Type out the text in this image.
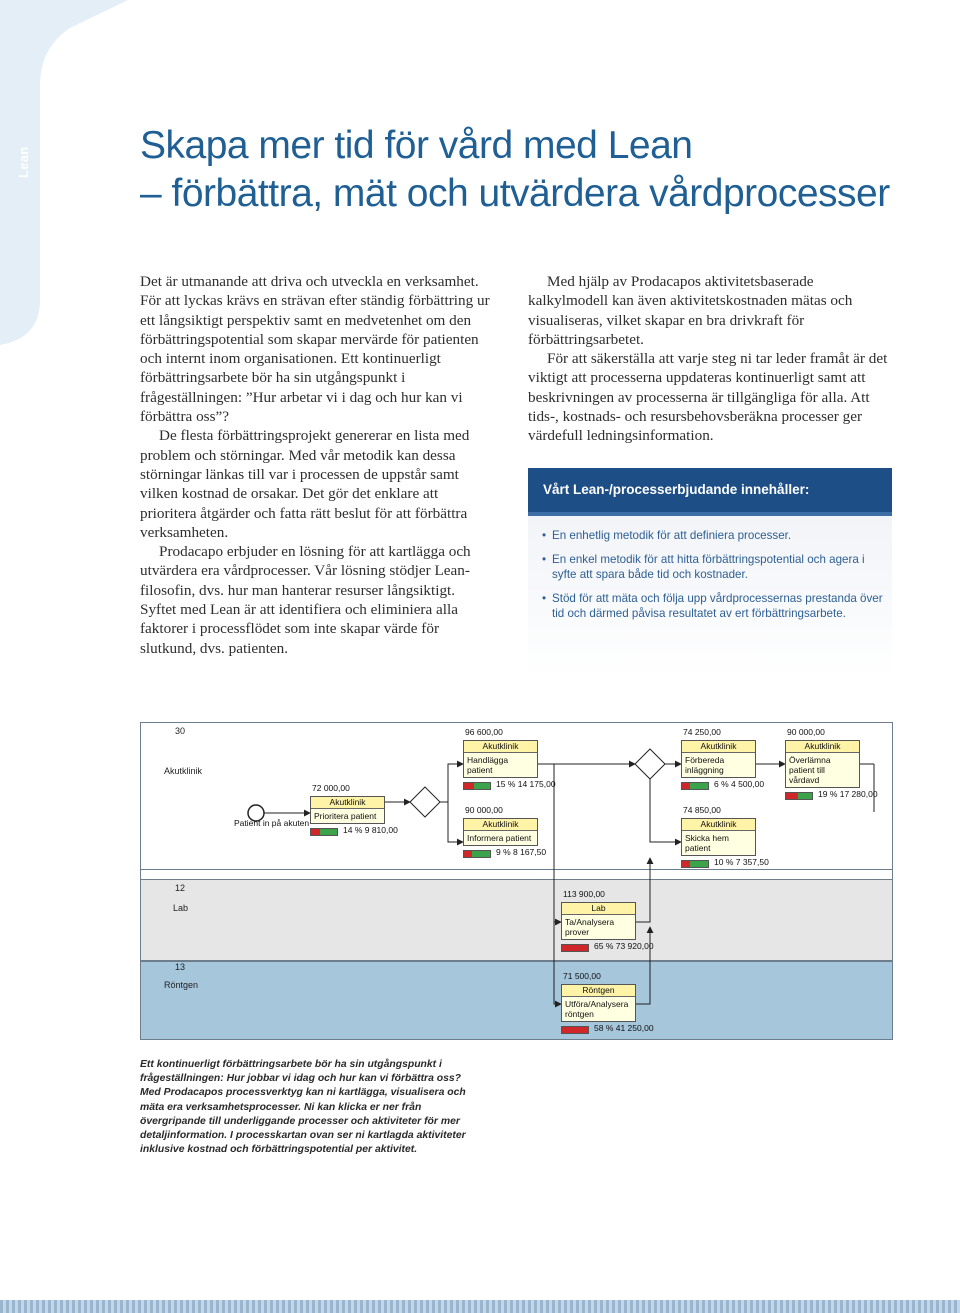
Lean	Skapa mer tid för vård med Lean
– förbättra, mät och utvärdera vårdprocesser

Det är utmanande att driva och utveckla en verksamhet. För att lyckas krävs en strävan efter ständig förbättring ur ett långsiktigt perspektiv samt en medvetenhet om den förbättringspotential som skapar mervärde för patienten och internt inom organisationen. Ett kontinuerligt förbättringsarbete bör ha sin utgångspunkt i frågeställningen: ”Hur arbetar vi i dag och hur kan vi förbättra oss”?

De flesta förbättringsprojekt genererar en lista med problem och störningar. Med vår metodik kan dessa störningar länkas till var i processen de uppstår samt vilken kostnad de orsakar. Det gör det enklare att prioritera åtgärder och fatta rätt beslut för att förbättra verksamheten.

Prodacapo erbjuder en lösning för att kartlägga och utvärdera era vårdprocesser. Vår lösning stödjer Lean-filosofin, dvs. hur man hanterar resurser långsiktigt. Syftet med Lean är att identifiera och eliminiera alla faktorer i processflödet som inte skapar värde för slutkund, dvs. patienten.

Med hjälp av Prodacapos aktivitetsbaserade kalkylmodell kan även aktivitetskostnaden mätas och visualiseras, vilket skapar en bra drivkraft för förbättringsarbetet.

För att säkerställa att varje steg ni tar leder framåt är det viktigt att processerna uppdateras kontinuerligt samt att beskrivningen av processerna är tillgängliga för alla. Att tids-, kostnads- och resursbehovsberäkna processer ger värdefull ledningsinformation.

Vårt Lean-/processerbjudande innehåller:
• En enhetlig metodik för att definiera processer.
• En enkel metodik för att hitta förbättringspotential och agera i syfte att spara både tid och kostnader.
• Stöd för att mäta och följa upp vårdprocessernas prestanda över tid och därmed påvisa resultatet av ert förbättringsarbete.
30
Akutklinik
12
Lab
13
Röntgen
Patient in på akuten
72 000,00
Akutklinik
Prioritera patient
14 % 9 810,00
96 600,00
Akutklinik
Handlägga patient
15 % 14 175,00
90 000,00
Akutklinik
Informera patient
9 % 8 167,50
74 250,00
Akutklinik
Förbereda inläggning
6 % 4 500,00
74 850,00
Akutklinik
Skicka hem patient
10 % 7 357,50
90 000,00
Akutklinik
Överlämna patient till vårdavd
19 % 17 280,00
113 900,00
Lab
Ta/Analysera prover
65 % 73 920,00
71 500,00
Röntgen
Utföra/Analysera röntgen
58 % 41 250,00
Ett kontinuerligt förbättringsarbete bör ha sin utgångspunkt i frågeställningen: Hur jobbar vi idag och hur kan vi förbättra oss? Med Prodacapos processverktyg kan ni kartlägga, visualisera och mäta era verksamhetsprocesser. Ni kan klicka er ner från övergripande till underliggande processer och aktiviteter för mer detaljinformation. I processkartan ovan ser ni kartlagda aktiviteter inklusive kostnad och förbättringspotential per aktivitet.
